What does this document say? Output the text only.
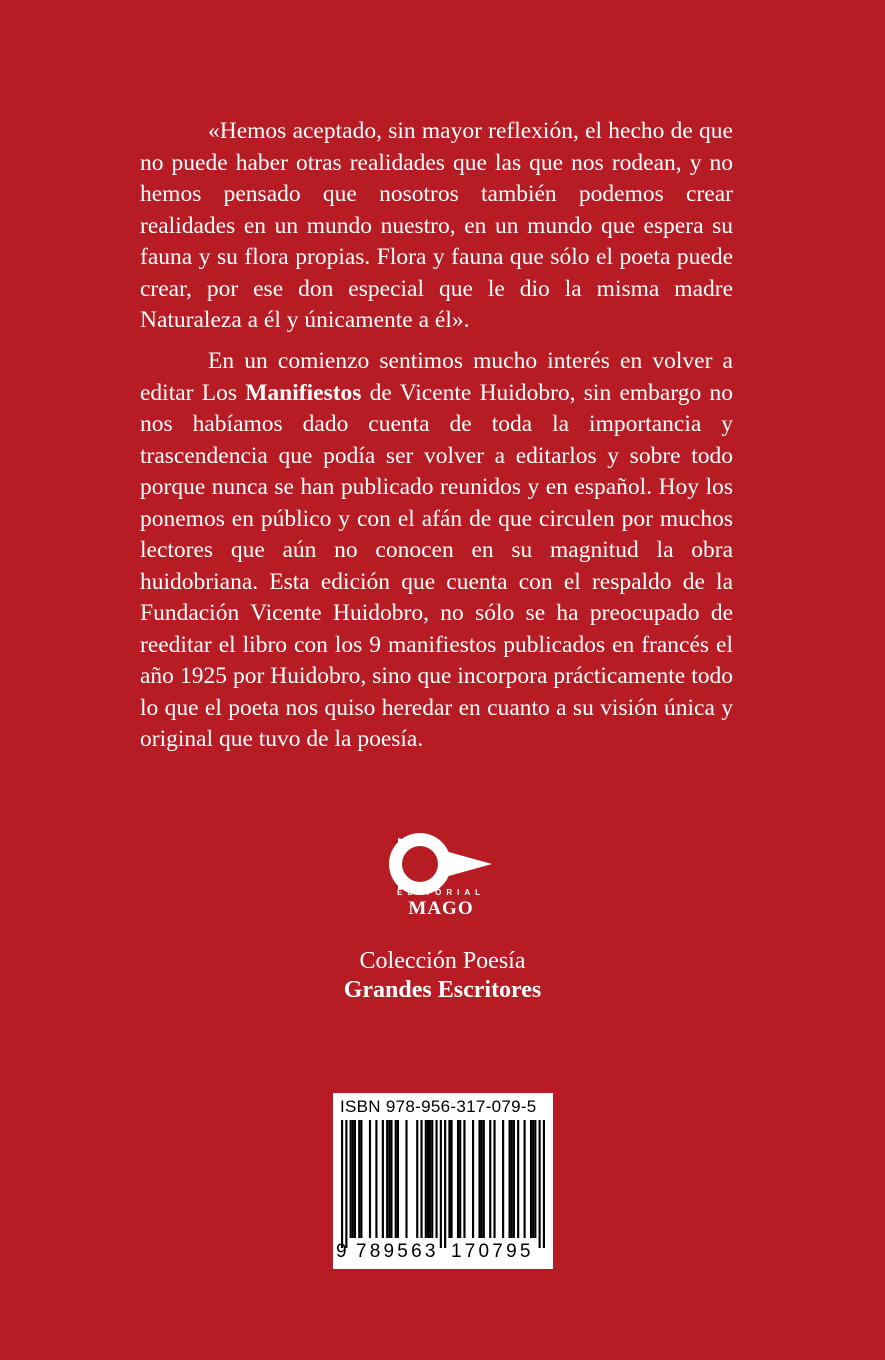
«Hemos aceptado, sin mayor reflexión, el hecho de que no puede haber otras realidades que las que nos rodean, y no hemos pensado que nosotros también podemos crear realidades en un mundo nuestro, en un mundo que espera su fauna y su flora propias. Flora y fauna que sólo el poeta puede crear, por ese don especial que le dio la misma madre Naturaleza a él y únicamente a él».

En un comienzo sentimos mucho interés en volver a editar Los Manifiestos de Vicente Huidobro, sin embargo no nos habíamos dado cuenta de toda la importancia y trascendencia que podía ser volver a editarlos y sobre todo porque nunca se han publicado reunidos y en español. Hoy los ponemos en público y con el afán de que circulen por muchos lectores que aún no conocen en su magnitud la obra huidobriana. Esta edición que cuenta con el respaldo de la Fundación Vicente Huidobro, no sólo se ha preocupado de reeditar el libro con los 9 manifiestos publicados en francés el año 1925 por Huidobro, sino que incorpora prácticamente todo lo que el poeta nos quiso heredar en cuanto a su visión única y original que tuvo de la poesía.

EDITORIAL
MAGO
Colección Poesía
Grandes Escritores
ISBN 978-956-317-079-5
9 789563 170795
